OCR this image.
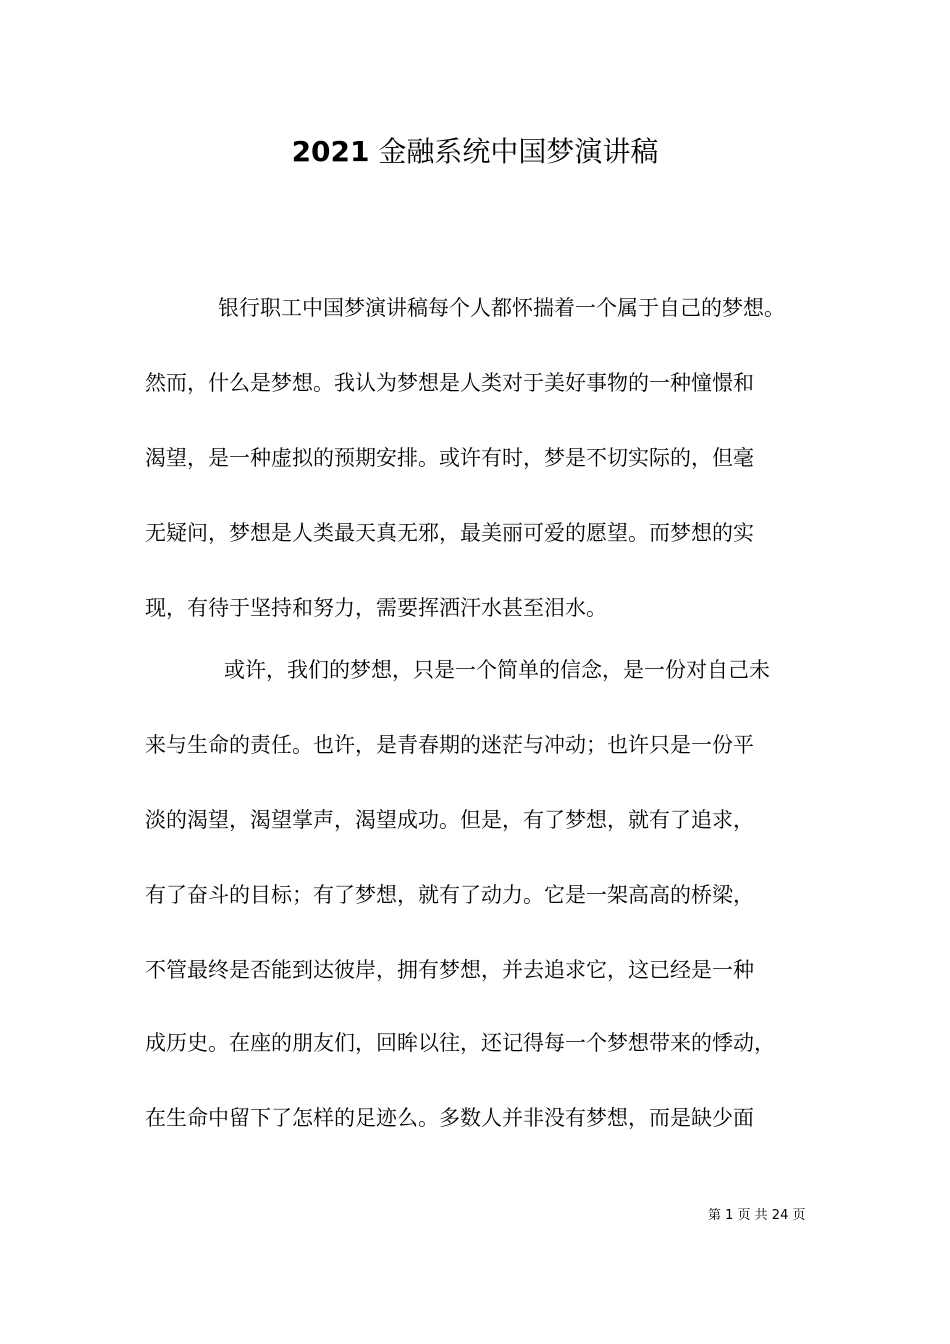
2021 金融系统中国梦演讲稿
银行职工中国梦演讲稿每个人都怀揣着一个属于自己的梦想。
然而，什么是梦想。我认为梦想是人类对于美好事物的一种憧憬和
渴望，是一种虚拟的预期安排。或许有时，梦是不切实际的，但毫
无疑问，梦想是人类最天真无邪，最美丽可爱的愿望。而梦想的实
现，有待于坚持和努力，需要挥洒汗水甚至泪水。
或许，我们的梦想，只是一个简单的信念，是一份对自己未
来与生命的责任。也许，是青春期的迷茫与冲动；也许只是一份平
淡的渴望，渴望掌声，渴望成功。但是，有了梦想，就有了追求，
有了奋斗的目标；有了梦想，就有了动力。它是一架高高的桥梁，
不管最终是否能到达彼岸，拥有梦想，并去追求它，这已经是一种
成历史。在座的朋友们，回眸以往，还记得每一个梦想带来的悸动，
在生命中留下了怎样的足迹么。多数人并非没有梦想，而是缺少面
第 1 页 共 24 页
